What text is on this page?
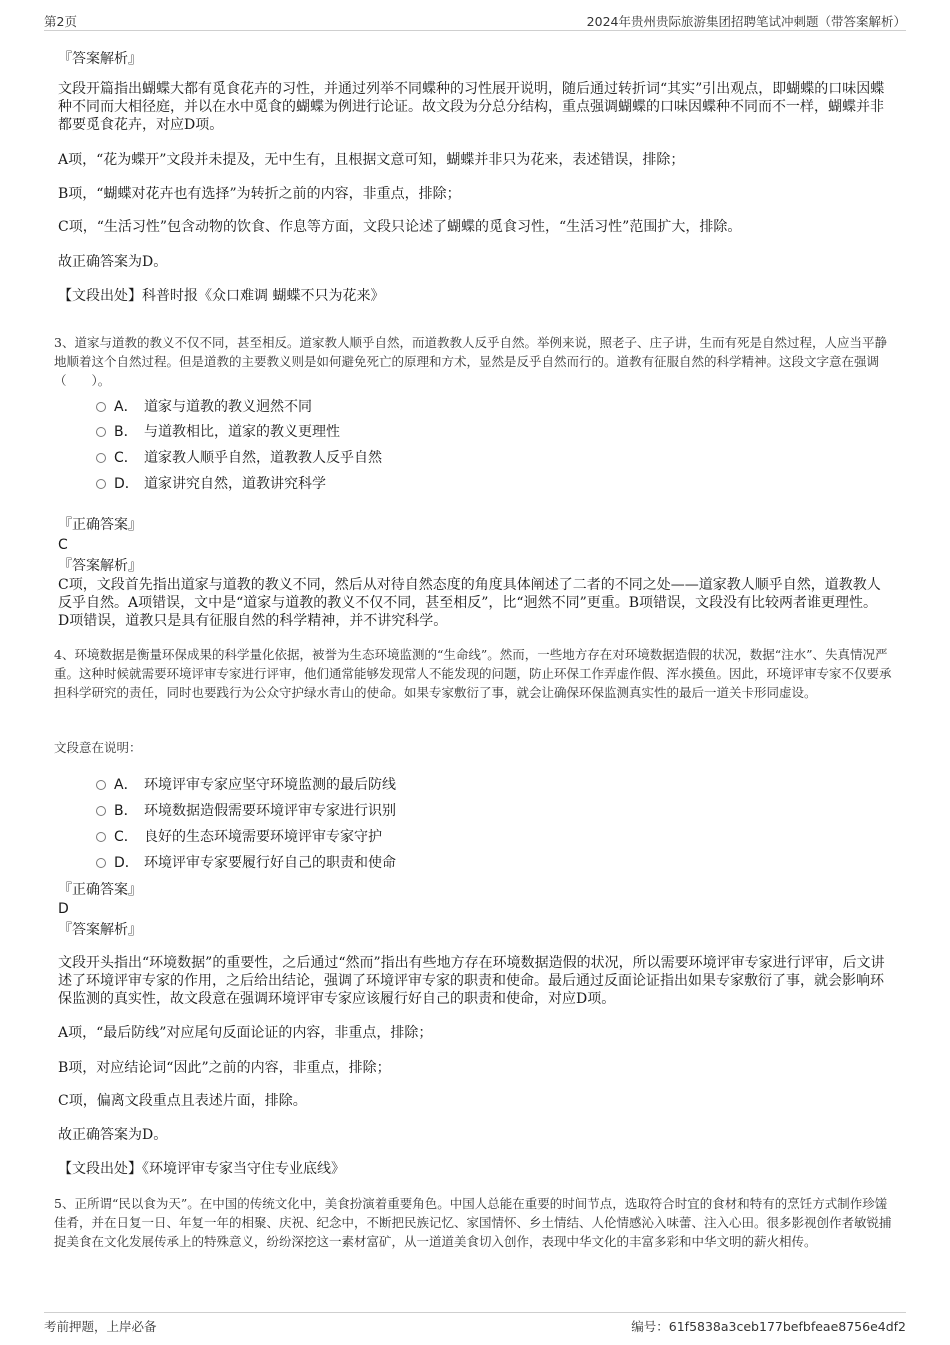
第2页	2024年贵州贵际旅游集团招聘笔试冲刺题（带答案解析）

『答案解析』

文段开篇指出蝴蝶大都有觅食花卉的习性，并通过列举不同蝶种的习性展开说明，随后通过转折词“其实”引出观点，即蝴蝶的口味因蝶种不同而大相径庭，并以在水中觅食的蝴蝶为例进行论证。故文段为分总分结构，重点强调蝴蝶的口味因蝶种不同而不一样，蝴蝶并非都要觅食花卉，对应D项。

A项，“花为蝶开”文段并未提及，无中生有，且根据文意可知，蝴蝶并非只为花来，表述错误，排除；

B项，“蝴蝶对花卉也有选择”为转折之前的内容，非重点，排除；

C项，“生活习性”包含动物的饮食、作息等方面，文段只论述了蝴蝶的觅食习性，“生活习性”范围扩大，排除。

故正确答案为D。

【文段出处】科普时报《众口难调 蝴蝶不只为花来》

3、道家与道教的教义不仅不同，甚至相反。道家教人顺乎自然，而道教教人反乎自然。举例来说，照老子、庄子讲，生而有死是自然过程，人应当平静地顺着这个自然过程。但是道教的主要教义则是如何避免死亡的原理和方术，显然是反乎自然而行的。道教有征服自然的科学精神。这段文字意在强调（　　）。

A． 道家与道教的教义迥然不同
B． 与道教相比，道家的教义更理性
C． 道家教人顺乎自然，道教教人反乎自然
D． 道家讲究自然，道教讲究科学

『正确答案』

C

『答案解析』

C项，文段首先指出道家与道教的教义不同，然后从对待自然态度的角度具体阐述了二者的不同之处——道家教人顺乎自然，道教教人反乎自然。A项错误，文中是“道家与道教的教义不仅不同，甚至相反”，比“迥然不同”更重。B项错误，文段没有比较两者谁更理性。D项错误，道教只是具有征服自然的科学精神，并不讲究科学。

4、环境数据是衡量环保成果的科学量化依据，被誉为生态环境监测的“生命线”。然而，一些地方存在对环境数据造假的状况，数据“注水”、失真情况严重。这种时候就需要环境评审专家进行评审，他们通常能够发现常人不能发现的问题，防止环保工作弄虚作假、浑水摸鱼。因此，环境评审专家不仅要承担科学研究的责任，同时也要践行为公众守护绿水青山的使命。如果专家敷衍了事，就会让确保环保监测真实性的最后一道关卡形同虚设。

文段意在说明：

A． 环境评审专家应坚守环境监测的最后防线
B． 环境数据造假需要环境评审专家进行识别
C． 良好的生态环境需要环境评审专家守护
D． 环境评审专家要履行好自己的职责和使命

『正确答案』

D

『答案解析』

文段开头指出“环境数据”的重要性，之后通过“然而”指出有些地方存在环境数据造假的状况，所以需要环境评审专家进行评审，后文讲述了环境评审专家的作用，之后给出结论，强调了环境评审专家的职责和使命。最后通过反面论证指出如果专家敷衍了事，就会影响环保监测的真实性，故文段意在强调环境评审专家应该履行好自己的职责和使命，对应D项。

A项，“最后防线”对应尾句反面论证的内容，非重点，排除；

B项，对应结论词“因此”之前的内容，非重点，排除；

C项，偏离文段重点且表述片面，排除。

故正确答案为D。

【文段出处】《环境评审专家当守住专业底线》

5、正所谓“民以食为天”。在中国的传统文化中，美食扮演着重要角色。中国人总能在重要的时间节点，选取符合时宜的食材和特有的烹饪方式制作珍馐佳肴，并在日复一日、年复一年的相聚、庆祝、纪念中，不断把民族记忆、家国情怀、乡土情结、人伦情感沁入味蕾、注入心田。很多影视创作者敏锐捕捉美食在文化发展传承上的特殊意义，纷纷深挖这一素材富矿，从一道道美食切入创作，表现中华文化的丰富多彩和中华文明的薪火相传。

考前押题，上岸必备	编号：61f5838a3ceb177befbfeae8756e4df2
